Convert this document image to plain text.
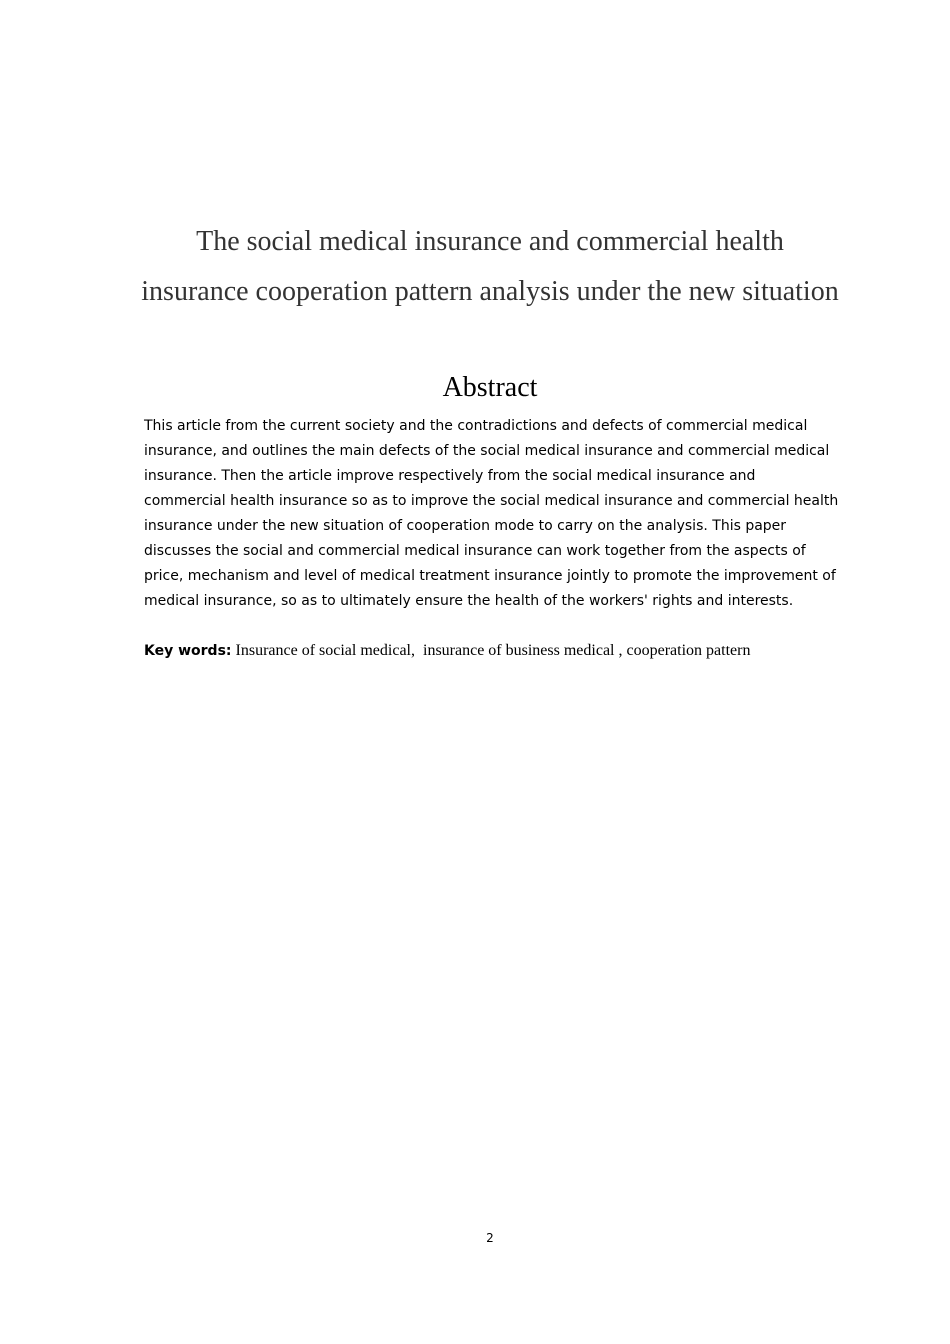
The social medical insurance and commercial health insurance cooperation pattern analysis under the new situation
Abstract

This article from the current society and the contradictions and defects of commercial medical insurance, and outlines the main defects of the social medical insurance and commercial medical insurance. Then the article improve respectively from the social medical insurance and commercial health insurance so as to improve the social medical insurance and commercial health insurance under the new situation of cooperation mode to carry on the analysis. This paper discusses the social and commercial medical insurance can work together from the aspects of price, mechanism and level of medical treatment insurance jointly to promote the improvement of medical insurance, so as to ultimately ensure the health of the workers' rights and interests.

Key words: Insurance of social medical,  insurance of business medical , cooperation pattern
2
